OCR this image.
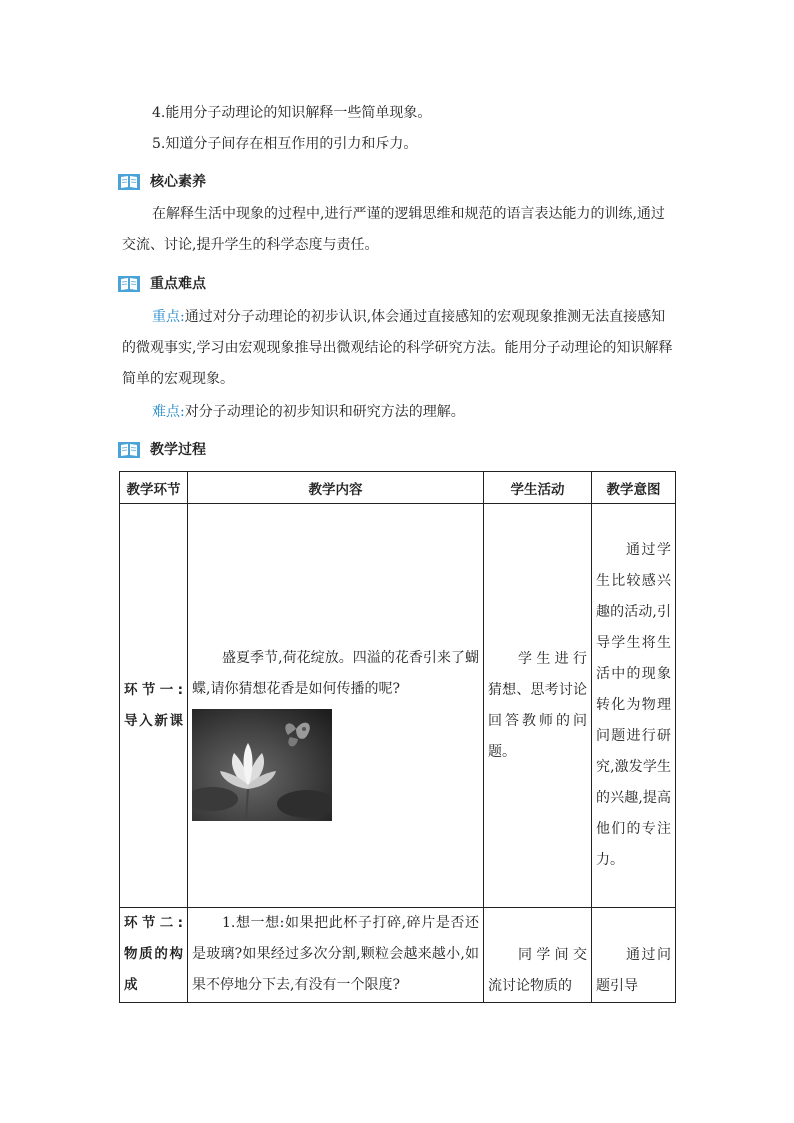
4.能用分子动理论的知识解释一些简单现象。

5.知道分子间存在相互作用的引力和斥力。

核心素养

在解释生活中现象的过程中,进行严谨的逻辑思维和规范的语言表达能力的训练,通过交流、讨论,提升学生的科学态度与责任。

重点难点

重点:通过对分子动理论的初步认识,体会通过直接感知的宏观现象推测无法直接感知的微观事实,学习由宏观现象推导出微观结论的科学研究方法。能用分子动理论的知识解释简单的宏观现象。

难点:对分子动理论的初步知识和研究方法的理解。

教学过程
教学环节	教学内容	学生活动	教学意图

环节一:导入新课	盛夏季节,荷花绽放。四溢的花香引来了蝴蝶,请你猜想花香是如何传播的呢?	学生进行猜想、思考讨论回答教师的问题。	通过学生比较感兴趣的活动,引导学生将生活中的现象转化为物理问题进行研究,激发学生的兴趣,提高他们的专注力。

环节二:物质的构成	1.想一想:如果把此杯子打碎,碎片是否还是玻璃?如果经过多次分割,颗粒会越来越小,如果不停地分下去,有没有一个限度?	同学间交流讨论物质的	通过问题引导
